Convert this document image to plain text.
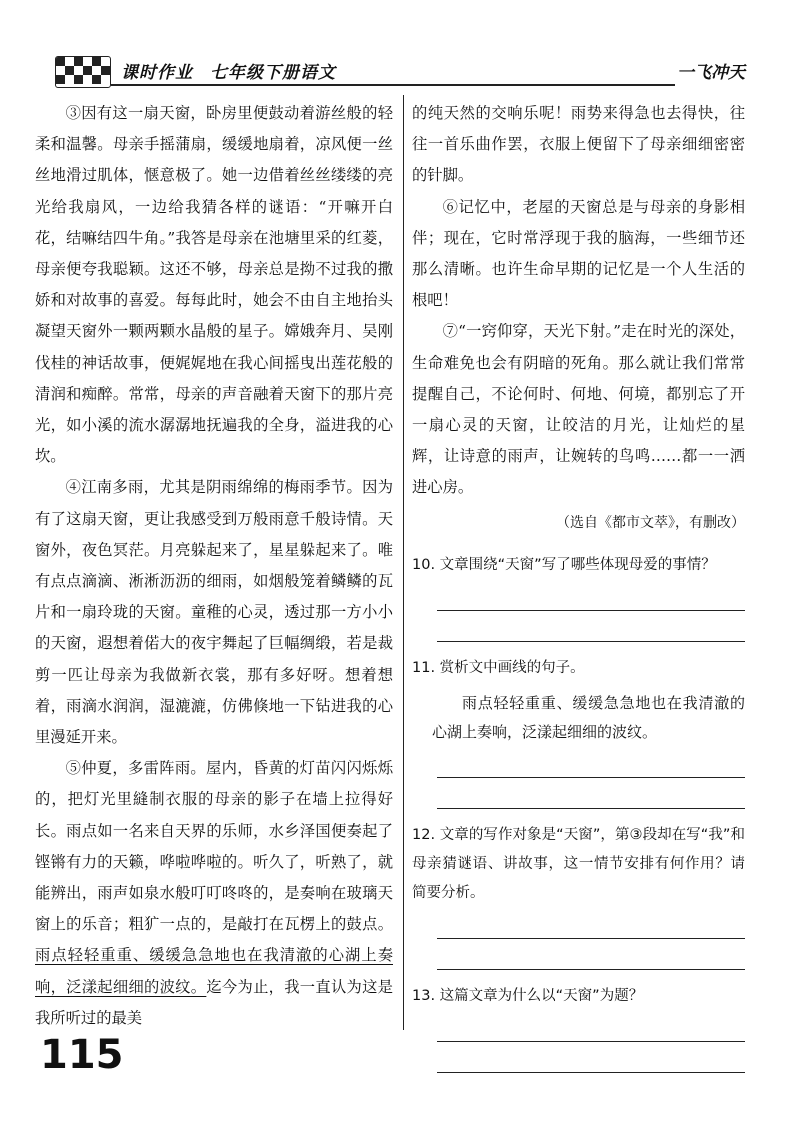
课时作业 七年级下册语文	一飞冲天

③因有这一扇天窗，卧房里便鼓动着游丝般的轻柔和温馨。母亲手摇蒲扇，缓缓地扇着，凉风便一丝丝地滑过肌体，惬意极了。她一边借着丝丝缕缕的亮光给我扇风，一边给我猜各样的谜语：“开嘛开白花，结嘛结四牛角。”我答是母亲在池塘里采的红菱，母亲便夸我聪颖。这还不够，母亲总是拗不过我的撒娇和对故事的喜爱。每每此时，她会不由自主地抬头凝望天窗外一颗两颗水晶般的星子。嫦娥奔月、吴刚伐桂的神话故事，便娓娓地在我心间摇曳出莲花般的清润和痴醉。常常，母亲的声音融着天窗下的那片亮光，如小溪的流水潺潺地抚遍我的全身，溢进我的心坎。

④江南多雨，尤其是阴雨绵绵的梅雨季节。因为有了这扇天窗，更让我感受到万般雨意千般诗情。天窗外，夜色冥茫。月亮躲起来了，星星躲起来了。唯有点点滴滴、淅淅沥沥的细雨，如烟般笼着鳞鳞的瓦片和一扇玲珑的天窗。童稚的心灵，透过那一方小小的天窗，遐想着偌大的夜宇舞起了巨幅绸缎，若是裁剪一匹让母亲为我做新衣裳，那有多好呀。想着想着，雨滴水润润，湿漉漉，仿佛倏地一下钻进我的心里漫延开来。

⑤仲夏，多雷阵雨。屋内，昏黄的灯苗闪闪烁烁的，把灯光里縫制衣服的母亲的影子在墙上拉得好长。雨点如一名来自天界的乐师，水乡泽国便奏起了铿锵有力的天籁，哗啦哗啦的。听久了，听熟了，就能辨出，雨声如泉水般叮叮咚咚的，是奏响在玻璃天窗上的乐音；粗犷一点的，是敲打在瓦楞上的鼓点。雨点轻轻重重、缓缓急急地也在我清澈的心湖上奏响，泛漾起细细的波纹。迄今为止，我一直认为这是我所听过的最美

的纯天然的交响乐呢！雨势来得急也去得快，往往一首乐曲作罢，衣服上便留下了母亲细细密密的针脚。

⑥记忆中，老屋的天窗总是与母亲的身影相伴；现在，它时常浮现于我的脑海，一些细节还那么清晰。也许生命早期的记忆是一个人生活的根吧！

⑦“一窍仰穿，天光下射。”走在时光的深处，生命难免也会有阴暗的死角。那么就让我们常常提醒自己，不论何时、何地、何境，都别忘了开一扇心灵的天窗，让皎洁的月光，让灿烂的星辉，让诗意的雨声，让婉转的鸟鸣……都一一洒进心房。

（选自《都市文萃》，有删改）

10. 文章围绕“天窗”写了哪些体现母爱的事情？

11. 赏析文中画线的句子。

雨点轻轻重重、缓缓急急地也在我清澈的心湖上奏响，泛漾起细细的波纹。

12. 文章的写作对象是“天窗”，第③段却在写“我”和母亲猜谜语、讲故事，这一情节安排有何作用？请简要分析。

13. 这篇文章为什么以“天窗”为题？

115
